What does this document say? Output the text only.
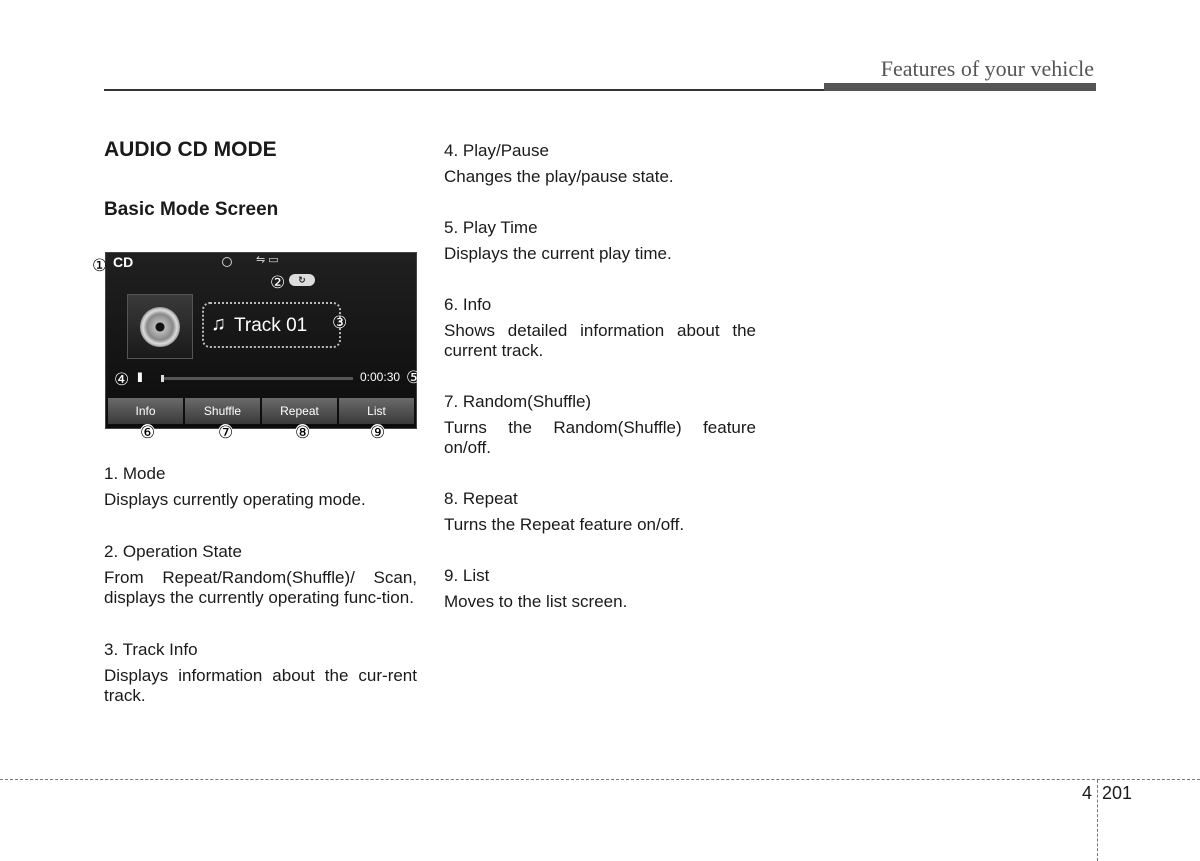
Features of your vehicle
AUDIO CD MODE
Basic Mode Screen
CD	⇋ ▭
↻
♫ Track 01
II	0:00:30
Info	Shuffle	Repeat	List
①
②
③
④	⑤
⑥	⑦	⑧	⑨
1. Mode
Displays currently operating mode.
2. Operation State
From Repeat/Random(Shuffle)/ Scan, displays the currently operating func-tion.
3. Track Info
Displays information about the cur-rent track.
4. Play/Pause
Changes the play/pause state.
5. Play Time
Displays the current play time.
6. Info
Shows detailed information about the current track.
7. Random(Shuffle)
Turns the Random(Shuffle) feature on/off.
8. Repeat
Turns the Repeat feature on/off.
9. List
Moves to the list screen.
4 201
